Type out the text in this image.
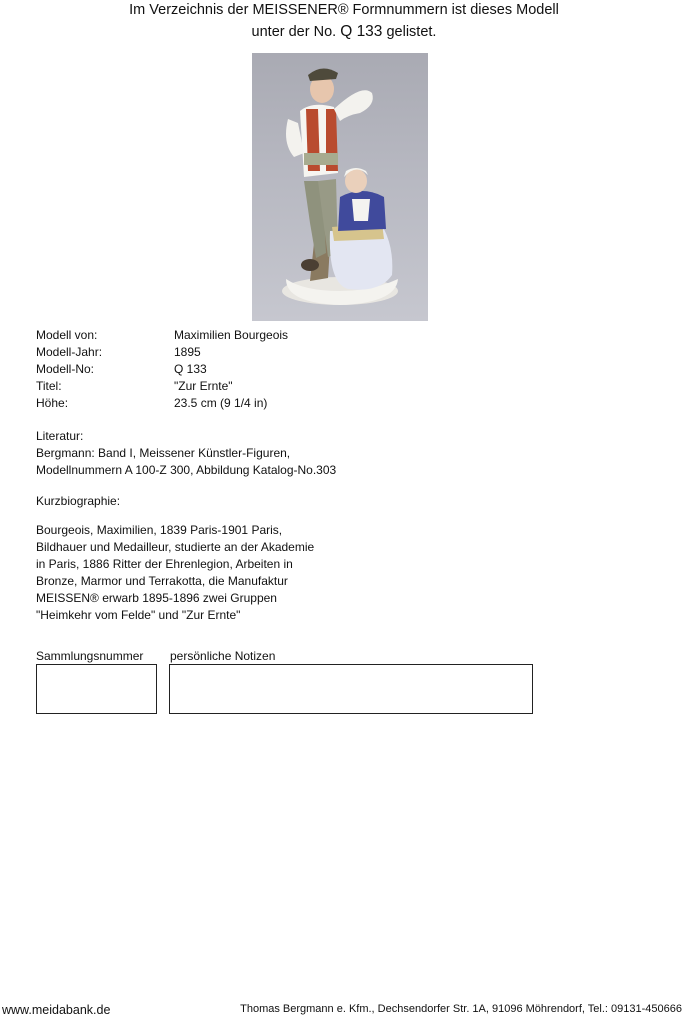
Im Verzeichnis der MEISSENER® Formnummern ist dieses Modell
unter der No. Q 133 gelistet.
Modell von:	Maximilien Bourgeois
Modell-Jahr:	1895
Modell-No:	Q 133
Titel:	"Zur Ernte"
Höhe:	23.5 cm (9 1/4 in)
Literatur:
Bergmann: Band I, Meissener Künstler-Figuren,
Modellnummern A 100-Z 300, Abbildung Katalog-No.303
Kurzbiographie:
Bourgeois, Maximilien, 1839 Paris-1901 Paris,
Bildhauer und Medailleur, studierte an der Akademie
in Paris, 1886 Ritter der Ehrenlegion, Arbeiten in
Bronze, Marmor und Terrakotta, die Manufaktur
MEISSEN® erwarb 1895-1896 zwei Gruppen
"Heimkehr vom Felde" und "Zur Ernte"
Sammlungsnummer persönliche Notizen
www.meidabank.de	Thomas Bergmann e. Kfm., Dechsendorfer Str. 1A, 91096 Möhrendorf, Tel.: 09131-450666
